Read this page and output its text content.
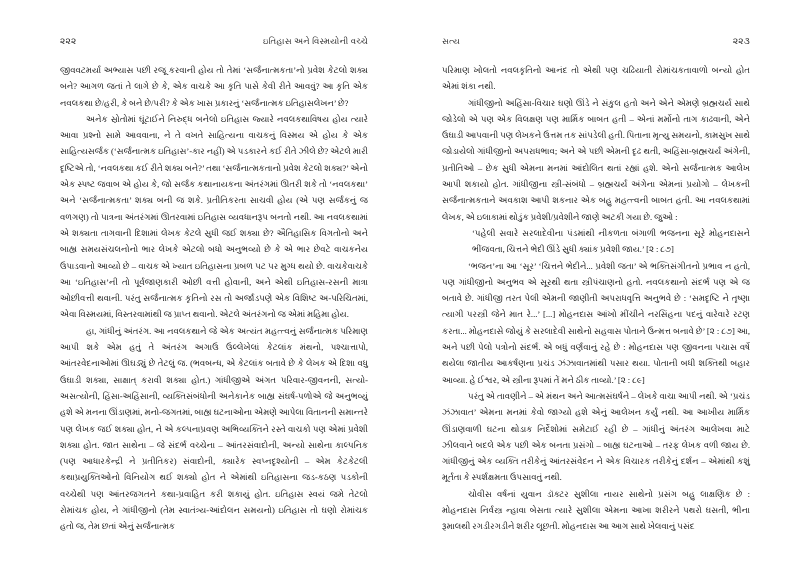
૨૨૨	ઇતિહાસ અને વિસ્મયોની વચ્ચે

જીવવટમર્યા અભ્યાસ પછી રજૂ કરવાની હોય તો તેમાં ‘સર્જનાત્મકતા’નો પ્રવેશ કેટલો શક્ય બને? આગળ જતાં તે લાગે છે કે, એક વાચકે આ કૃતિ પાસે કેવી રીતે આવવું? આ કૃતિ એક નવલકથા છે‌/હરી, કે બને છે‌/પરી? કે એક ખાસ પ્રકારનું ‘સર્જનાત્મક ઇતિહાસલેખન’ છે?

અનેક સ્રોતોમાં ઘૂંટાઈને નિરુદ્ધ બનેલો ઇતિહાસ જ્યારે નવલકથાવિષય હોય ત્યારે આવા પ્રશ્નો સામે આવવાના, ને તે વખતે સાહિત્યના વાચકનું વિસ્મય એ હોય કે એક સાહિત્યસર્જક (‘સર્જનાત્મક ઇતિહાસ’-કાર નહીં) એ પડકારને કઈ રીતે ઝીલે છે? એટલે મારી દૃષ્ટિએ તો, ‘નવલકથા કઈ રીતે શક્ય બને?’ તથા ‘સર્જનાત્મકતાનો પ્રવેશ કેટલો શક્ય?’ એનો એક સ્પષ્ટ જવાબ એ હોય કે, જો સર્જક કથાનાયકના અંતરંગમાં ઊતરી શકે તો ‘નવલકથા’ અને ‘સર્જનાત્મકતા’ શક્ય બની જ શકે. પ્રતીતિકરતા સાચવી હોય (એ પણ સર્જકનું જ વળગણ) તો પાત્રના અંતરંગમાં ઊતરવામાં ઇતિહાસ વ્યવધાનરૂપ બનતો નથી. આ નવલકથામાં એ શક્યતા તાગવાની દિશામાં લેખક કેટલે સુધી જઈ શક્યા છે? ઐતિહાસિક વિગતોનો અને બાહ્ય સમયસંચલનોનો ભાર લેખકે એટલો બધો અનુભવ્યો છે કે એ ભાર છેવટે વાચકનેય ઉપાડવાનો આવ્યો છે – વાચક એ ખ્યાત ઇતિહાસના પ્રબળ પટ પર મુગ્ધ થયો છે. વાચકેવાચકે આ ‘ઇતિહાસ’ની તો પૂર્વજાણકારી ઓછી વત્તી હોવાની, અને એથી ઇતિહાસ-રસની માત્રા ઓછીવત્તી થવાની. પરંતુ સર્જનાત્મક કૃતિનો રસ તો અર્જાડપણે એક વિશિષ્ટ અ-પરિચિતમાં, એવા વિસ્મયમાં, વિસ્તરવામાંથી જ પ્રાપ્ત થવાનો. એટલે અંતરંગનો જ એમાં મહિમા હોય.

હા, ગાંધીનું અંતરંગ. આ નવલકથાને જે એક અત્યંત મહત્ત્વનું સર્જનાત્મક પરિમાણ આપી શકે એમ હતું તે અંતરંગ અગાઉ ઉલ્લેખેલાં કેટલાંક મંથનો, પશ્ચાત્તાપો, આંતરવેદનાઓમાં ઊઘડ્યું છે તેટલું જ. (ભવબન્ધ, એ કેટલાંક બતાવે છે કે લેખક એ દિશા વધુ ઉઘાડી શક્યા, સાક્ષાત્ કરાવી શક્યા હોત.) ગાંધીજીએ અંગત પરિવાર-જીવનની, સત્યો-અસત્યોની, હિંસા-અહિંસાની, વ્યક્તિસંબંધોની અનેકાનેક બાહ્ય સંઘર્ષ-પળોએ જે અનુભવ્યું હશે એ મનના ઊંડાણમાં, મનો-જગતમાં, બાહ્ય ઘટનાઓના એમણે આપેલા વિતાનની સમાન્તરે પણ લેખક જઈ શક્યા હોત, ને એ કલ્પનાપ્રવણ અભિવ્યક્તિને રસ્તે વાચકો પણ એમાં પ્રવેશી શક્યા હોત. જાત સાથેના – જે સંદર્ભ વચ્ચેના – આંતરસંવાદોની, અન્યો સાથેના કાલ્પનિક (પણ આધારકેન્દ્રી ને પ્રતીતિકર) સંવાદોની, ક્યારેક સ્વપ્નદૃશ્યોની – એમ કેટકેટલી કથાપ્રયુક્તિઓનો વિનિયોગ થઈ શક્યો હોત ને એમાંથી ઇતિહાસના જડ-કઠણ પડકોની વચ્ચેથી પણ આંતરજગતને કથા-પ્રવાહિત કરી શકાયું હોત. ઇતિહાસ સ્વયં જમે તેટલો રોમાંચક હોય, ને ગાંધીજીનો (તેમ સ્વાતંત્ર્ય-આંદોલન સમયનો) ઇતિહાસ તો ઘણો રોમાંચક હતો જ, તેમ છતાં એનું સર્જનાત્મક

સત્ય	૨૨૩

પરિમાણ ખોલતો નવલકૃતિનો આનંદ તો એથી પણ ચઢિયાતી રોમાંચકતાવાળો બન્યો હોત એમાં શંકા નથી.

ગાંધીજીનો અહિંસા-વિચાર ઘણો ઊંડે ને સંકુલ હતો અને એને એમણે બ્રહ્મચર્ય સાથે જોડેલો એ પણ એક વિલક્ષણ પણ માર્મિક બાબત હતી – એનાં મર્મોનો તાગ કાઢવાની, એને ઉઘાડી આપવાની પણ લેખકને ઉત્તમ તક સાંપડેલી હતી. પિતાના મૃત્યુ સમયનો, કામસુખ સાથે જોડાયેલો ગાંધીજીનો અપરાધભાવ; અને એ પછી એમની દૃઢ થતી, અહિંસા-બ્રહ્મચર્ય અંગેની, પ્રતીતિઓ – છેક સુધી એમના મનમાં આંદોલિત થતાં રહ્યાં હશે. એનો સર્જનાત્મક આલેખ આપી શકાયો હોત. ગાંધીજીના સ્ત્રી-સંબંધો – બ્રહ્મચર્ય અંગેના એમનાં પ્રયોગો – લેખકની સર્જનાત્મકતાને અવકાશ આપી શકનાર એક બહુ મહત્ત્વની બાબત હતી. આ નવલકથામાં લેખક, એ ઇલાકામાં થોડુંક પ્રવેશી/પ્રવેશીને જાણે અટકી ગયા છે. જુઓ :

‘પહેલી સવારે સરલાદેવીના પંડમાંથી નીકળતા બંગાળી ભજનના સૂરે મોહનદાસને ભીંજવતા, ચિત્તને ભેદી ઊંડે સુધી ક્યાંક પ્રવેશી જાય.’ [૨ : ૮૭]

‘ભજન’ના આ ‘સૂર’ ‘ચિત્તને ભેદીને... પ્રવેશી જતા’ એ ભક્તિસંગીતનો પ્રભાવ ન હતો, પણ ગાંધીજીનો અનુભવ એ સૂરથી થતા સ્ત્રીપંચાણનો હતો. નવલકથાનો સંદર્ભ પણ એ જ બતાવે છે. ગાંધીજી તરત પેલી એમની જાણીતી અપરાધવૃત્તિ અનુભવે છે : ‘સમદૃષ્ટિ ને તૃષ્ણા ત્યાગી પરસ્ત્રી જેને માત રે...’ [...] મોહનદાસ આંખો મીંચીને નરસિંહના પદનું વારેવારે રટણ કરતા... મોહનદાસે જોયું કે સરલાદેવી સાથેનો સહવાસ પોતાને ઉન્મત્ત બનાવે છે’ [૨ : ૮૭] આ, અને પછી પેલો પત્રોનો સંદર્ભ. એ બધું વર્ણવાનું રહે છે : મોહનદાસ પણ જીવનના પચાસ વર્ષે થયેલા જાતીય આકર્ષણના પ્રચંડ ઝંઝાવાતમાંથી પસાર થયા. પોતાની બધી શક્તિથી બહાર આવ્યા. હે ઈશ્વર, એ સ્ત્રીના રૂપમાં તેં મને ઠીક તાવ્યો.’ [૨ : ૮૯]

પરંતુ એ તાવણીને – એ મંથન અને આત્મસંઘર્ષને – લેખકે વાચા આપી નથી. એ ‘પ્રચંડ ઝંઝાવાત’ એમના મનમાં કેવો જાગ્યો હશે એનું આલેખન કર્યું નથી. આ આખીય માર્મિક ઊંડાણવાળી ઘટના થોડાક નિર્દેશોમાં સમેટાઈ રહી છે – ગાંધીનું અંતરંગ આલેખવા માટે ઝીલવાને બદલે એક પછી એક બનતા પ્રસંગો – બાહ્ય ઘટનાઓ – તરફ લેખક વળી જાય છે. ગાંધીજીનું એક વ્યક્તિ તરીકેનું આંતરસંવેદન ને એક વિચારક તરીકેનું દર્શન – એમાંથી કશું મૂર્તતા કે સ્પર્શક્ષમતા ઉપસાવતું નથી.

ચોવીસ વર્ષનાં યુવાન ડૉક્ટર સુશીલા નાયર સાથેનો પ્રસંગ બહુ લાક્ષણિક છે : મોહનદાસ નિર્વસ્ત્ર ન્હાવા બેસતા ત્યારે સુશીલા એમના આખા શરીરને પથરો ઘસતી, ભીના રૂમાલથી રગડીરગડીને શરીર લૂછતી. મોહનદાસ આ આગ સાથે ખેલવાનું પસંદ
